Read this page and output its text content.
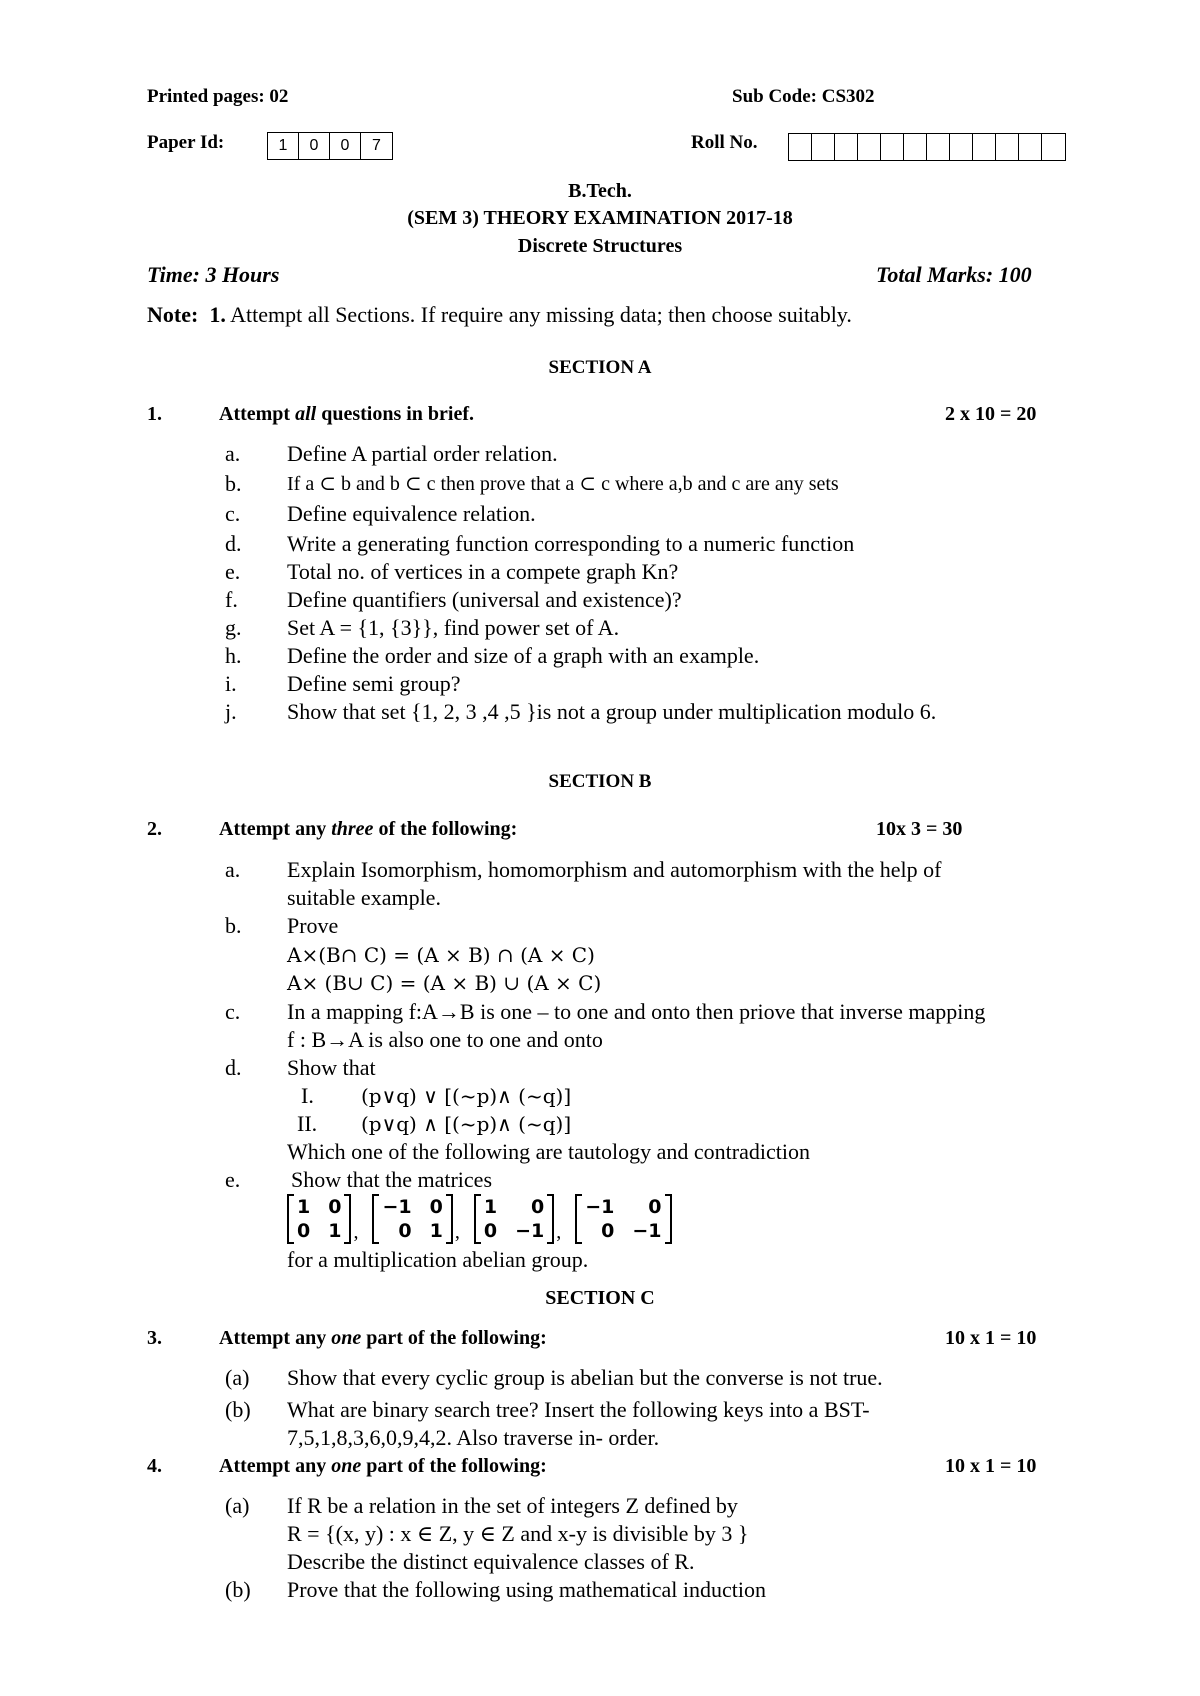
Printed pages: 02	Sub Code: CS302
Paper Id:	1	0	0	7	Roll No.
B.Tech.
(SEM 3) THEORY EXAMINATION 2017-18
Discrete Structures
Time: 3 Hours	Total Marks: 100
Note: 1. Attempt all Sections. If require any missing data; then choose suitably.
SECTION A
1.	Attempt all questions in brief.	2 x 10 = 20
a. Define A partial order relation.
b. If a ⊂ b and b ⊂ c then prove that a ⊂ c where a,b and c are any sets
c. Define equivalence relation.
d. Write a generating function corresponding to a numeric function
e. Total no. of vertices in a compete graph Kn?
f. Define quantifiers (universal and existence)?
g. Set A = {1, {3}}, find power set of A.
h. Define the order and size of a graph with an example.
i. Define semi group?
j. Show that set {1, 2, 3 ,4 ,5 }is not a group under multiplication modulo 6.
SECTION B
2.	Attempt any three of the following:	10x 3 = 30
a. Explain Isomorphism, homomorphism and automorphism with the help of
suitable example.
b. Prove
A×(B∩ C) = (A × B) ∩ (A × C)
A× (B∪ C) = (A × B) ∪ (A × C)
c. In a mapping f:A→B is one – to one and onto then priove that inverse mapping
f : B→A is also one to one and onto
d. Show that
I. (p∨q) ∨ [(~p)∧ (~q)]
II. (p∨q) ∧ [(~p)∧ (~q)]
Which one of the following are tautology and contradiction
e. Show that the matrices
1 0
0 1 ,
−1 0
0 1 ,
1	0
0 −1 ,
−1	0
0 −1
for a multiplication abelian group.
SECTION C
3.	Attempt any one part of the following:	10 x 1 = 10
(a) Show that every cyclic group is abelian but the converse is not true.
(b) What are binary search tree? Insert the following keys into a BST-
7,5,1,8,3,6,0,9,4,2. Also traverse in- order.
4.	Attempt any one part of the following:	10 x 1 = 10
(a) If R be a relation in the set of integers Z defined by
R = {(x, y) : x ∈ Z, y ∈ Z and x-y is divisible by 3 }
Describe the distinct equivalence classes of R.
(b) Prove that the following using mathematical induction
